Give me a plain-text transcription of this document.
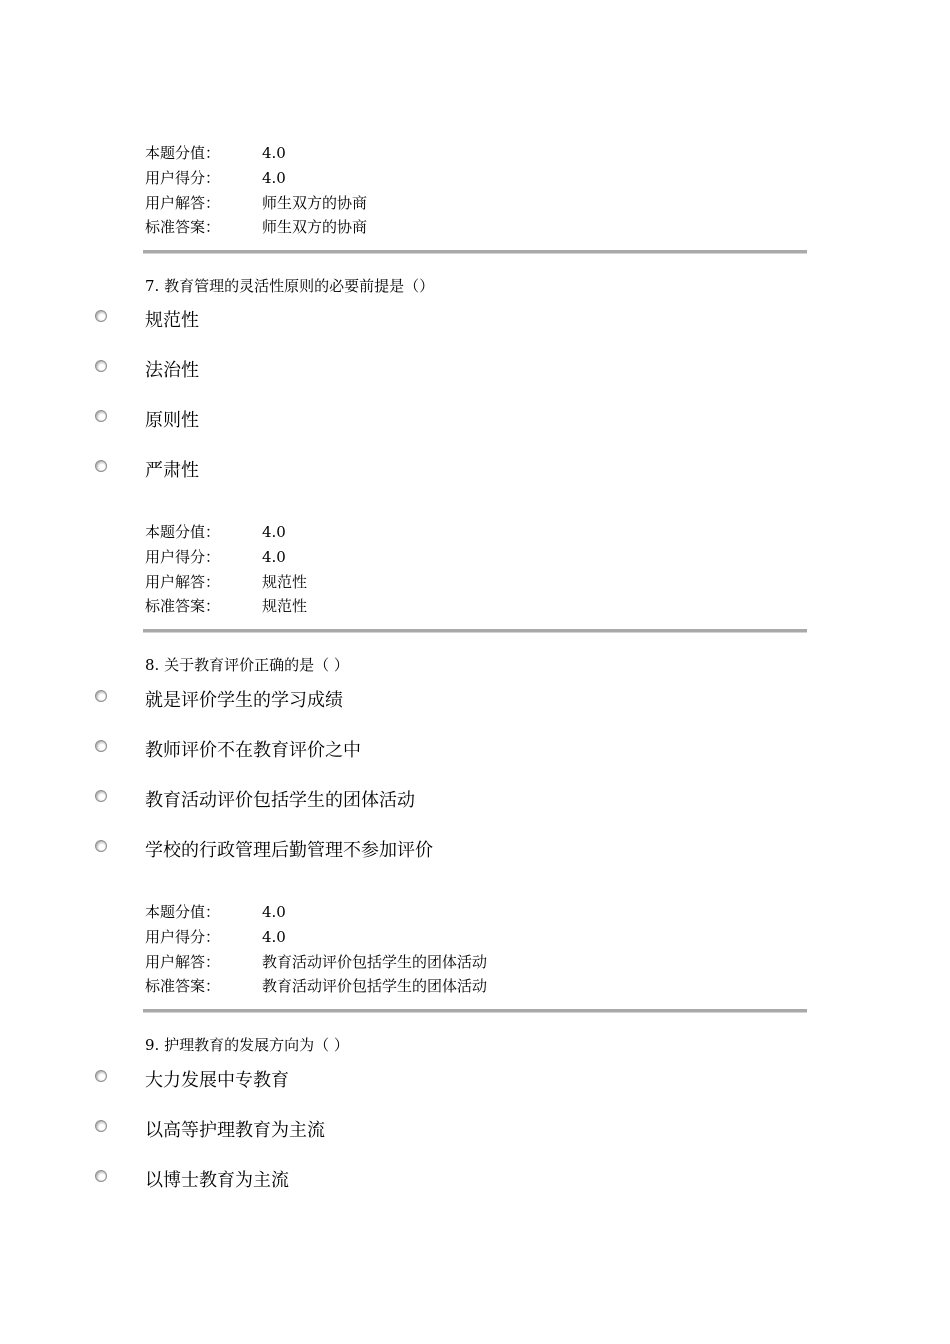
本题分值：	4.0
用户得分：	4.0
用户解答：	师生双方的协商
标准答案：	师生双方的协商
7. 教育管理的灵活性原则的必要前提是（）
规范性
法治性
原则性
严肃性
本题分值：	4.0
用户得分：	4.0
用户解答：	规范性
标准答案：	规范性
8. 关于教育评价正确的是（ ）
就是评价学生的学习成绩
教师评价不在教育评价之中
教育活动评价包括学生的团体活动
学校的行政管理后勤管理不参加评价
本题分值：	4.0
用户得分：	4.0
用户解答：	教育活动评价包括学生的团体活动
标准答案：	教育活动评价包括学生的团体活动
9. 护理教育的发展方向为（ ）
大力发展中专教育
以高等护理教育为主流
以博士教育为主流
